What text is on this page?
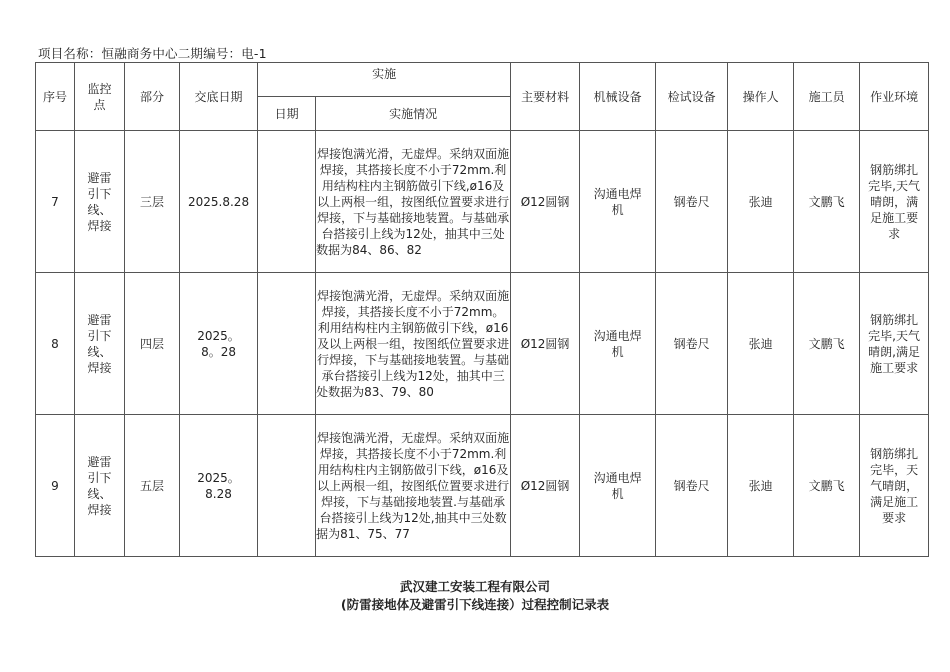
项目名称：恒融商务中心二期编号：电-1
序号	监控点	部分	交底日期	实施		主要材料	机械设备	检试设备	操作人	施工员	作业环境
				日期	实施情况						
7	避雷引下线、焊接	三层	2025.8.28		焊接饱满光滑，无虚焊。采纳双面施焊接，其搭接长度不小于72mm.利用结构柱内主钢筋做引下线,ø16及以上两根一组，按图纸位置要求进行焊接，下与基础接地装置。与基础承台搭接引上线为12处，抽其中三处数据为84、86、82	Ø12圆钢	沟通电焊机	钢卷尺	张迪	文鹏飞	钢筋绑扎完毕,天气晴朗，满足施工要求
8	避雷引下线、焊接	四层	2025。8。28		焊接饱满光滑，无虚焊。采纳双面施焊接，其搭接长度不小于72mm。利用结构柱内主钢筋做引下线，ø16及以上两根一组，按图纸位置要求进行焊接，下与基础接地装置。与基础承台搭接引上线为12处，抽其中三处数据为83、79、80	Ø12圆钢	沟通电焊机	钢卷尺	张迪	文鹏飞	钢筋绑扎完毕,天气晴朗,满足施工要求
9	避雷引下线、焊接	五层	2025。8.28		焊接饱满光滑，无虚焊。采纳双面施焊接，其搭接长度不小于72mm.利用结构柱内主钢筋做引下线，ø16及以上两根一组，按图纸位置要求进行焊接，下与基础接地装置.与基础承台搭接引上线为12处,抽其中三处数据为81、75、77	Ø12圆钢	沟通电焊机	钢卷尺	张迪	文鹏飞	钢筋绑扎完毕，天气晴朗，满足施工要求
武汉建工安装工程有限公司
(防雷接地体及避雷引下线连接）过程控制记录表
